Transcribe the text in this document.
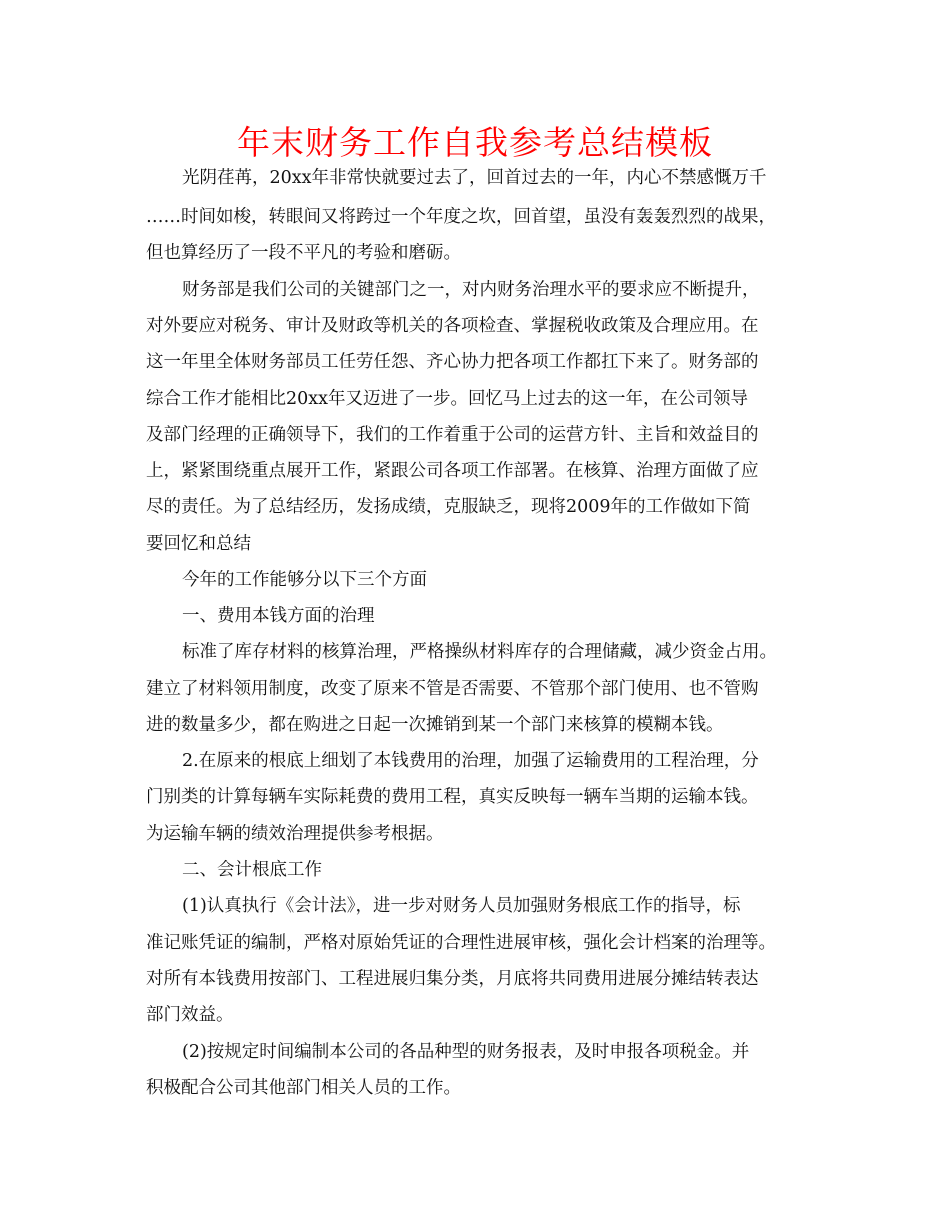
年末财务工作自我参考总结模板
光阴荏苒，20xx年非常快就要过去了，回首过去的一年，内心不禁感慨万千
……时间如梭，转眼间又将跨过一个年度之坎，回首望，虽没有轰轰烈烈的战果，
但也算经历了一段不平凡的考验和磨砺。
财务部是我们公司的关键部门之一，对内财务治理水平的要求应不断提升，
对外要应对税务、审计及财政等机关的各项检查、掌握税收政策及合理应用。在
这一年里全体财务部员工任劳任怨、齐心协力把各项工作都扛下来了。财务部的
综合工作才能相比20xx年又迈进了一步。回忆马上过去的这一年，在公司领导
及部门经理的正确领导下，我们的工作着重于公司的运营方针、主旨和效益目的
上，紧紧围绕重点展开工作，紧跟公司各项工作部署。在核算、治理方面做了应
尽的责任。为了总结经历，发扬成绩，克服缺乏，现将2009年的工作做如下简
要回忆和总结
今年的工作能够分以下三个方面
一、费用本钱方面的治理
标准了库存材料的核算治理，严格操纵材料库存的合理储藏，减少资金占用。
建立了材料领用制度，改变了原来不管是否需要、不管那个部门使用、也不管购
进的数量多少，都在购进之日起一次摊销到某一个部门来核算的模糊本钱。
2.在原来的根底上细划了本钱费用的治理，加强了运输费用的工程治理，分
门别类的计算每辆车实际耗费的费用工程，真实反映每一辆车当期的运输本钱。
为运输车辆的绩效治理提供参考根据。
二、会计根底工作
(1)认真执行《会计法》，进一步对财务人员加强财务根底工作的指导，标
准记账凭证的编制，严格对原始凭证的合理性进展审核，强化会计档案的治理等。
对所有本钱费用按部门、工程进展归集分类，月底将共同费用进展分摊结转表达
部门效益。
(2)按规定时间编制本公司的各品种型的财务报表，及时申报各项税金。并
积极配合公司其他部门相关人员的工作。
